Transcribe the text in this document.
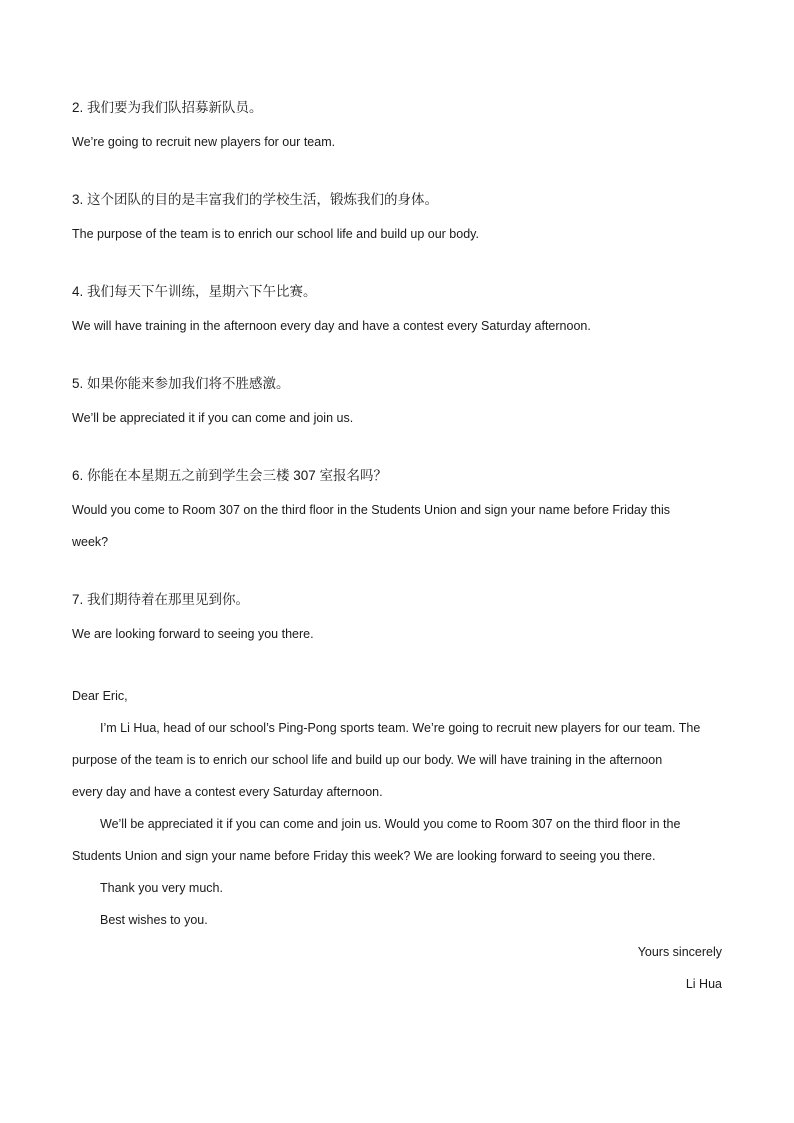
2. 我们要为我们队招募新队员。

We’re going to recruit new players for our team.

3. 这个团队的目的是丰富我们的学校生活，锻炼我们的身体。

The purpose of the team is to enrich our school life and build up our body.

4. 我们每天下午训练，星期六下午比赛。

We will have training in the afternoon every day and have a contest every Saturday afternoon.

5. 如果你能来参加我们将不胜感激。

We’ll be appreciated it if you can come and join us.

6. 你能在本星期五之前到学生会三楼 307 室报名吗？

Would you come to Room 307 on the third floor in the Students Union and sign your name before Friday this
week?

7. 我们期待着在那里见到你。

We are looking forward to seeing you there.

Dear Eric,
I’m Li Hua, head of our school’s Ping-Pong sports team. We’re going to recruit new players for our team. The
purpose of the team is to enrich our school life and build up our body. We will have training in the afternoon
every day and have a contest every Saturday afternoon.
We’ll be appreciated it if you can come and join us. Would you come to Room 307 on the third floor in the
Students Union and sign your name before Friday this week? We are looking forward to seeing you there.
Thank you very much.
Best wishes to you.
Yours sincerely
Li Hua
